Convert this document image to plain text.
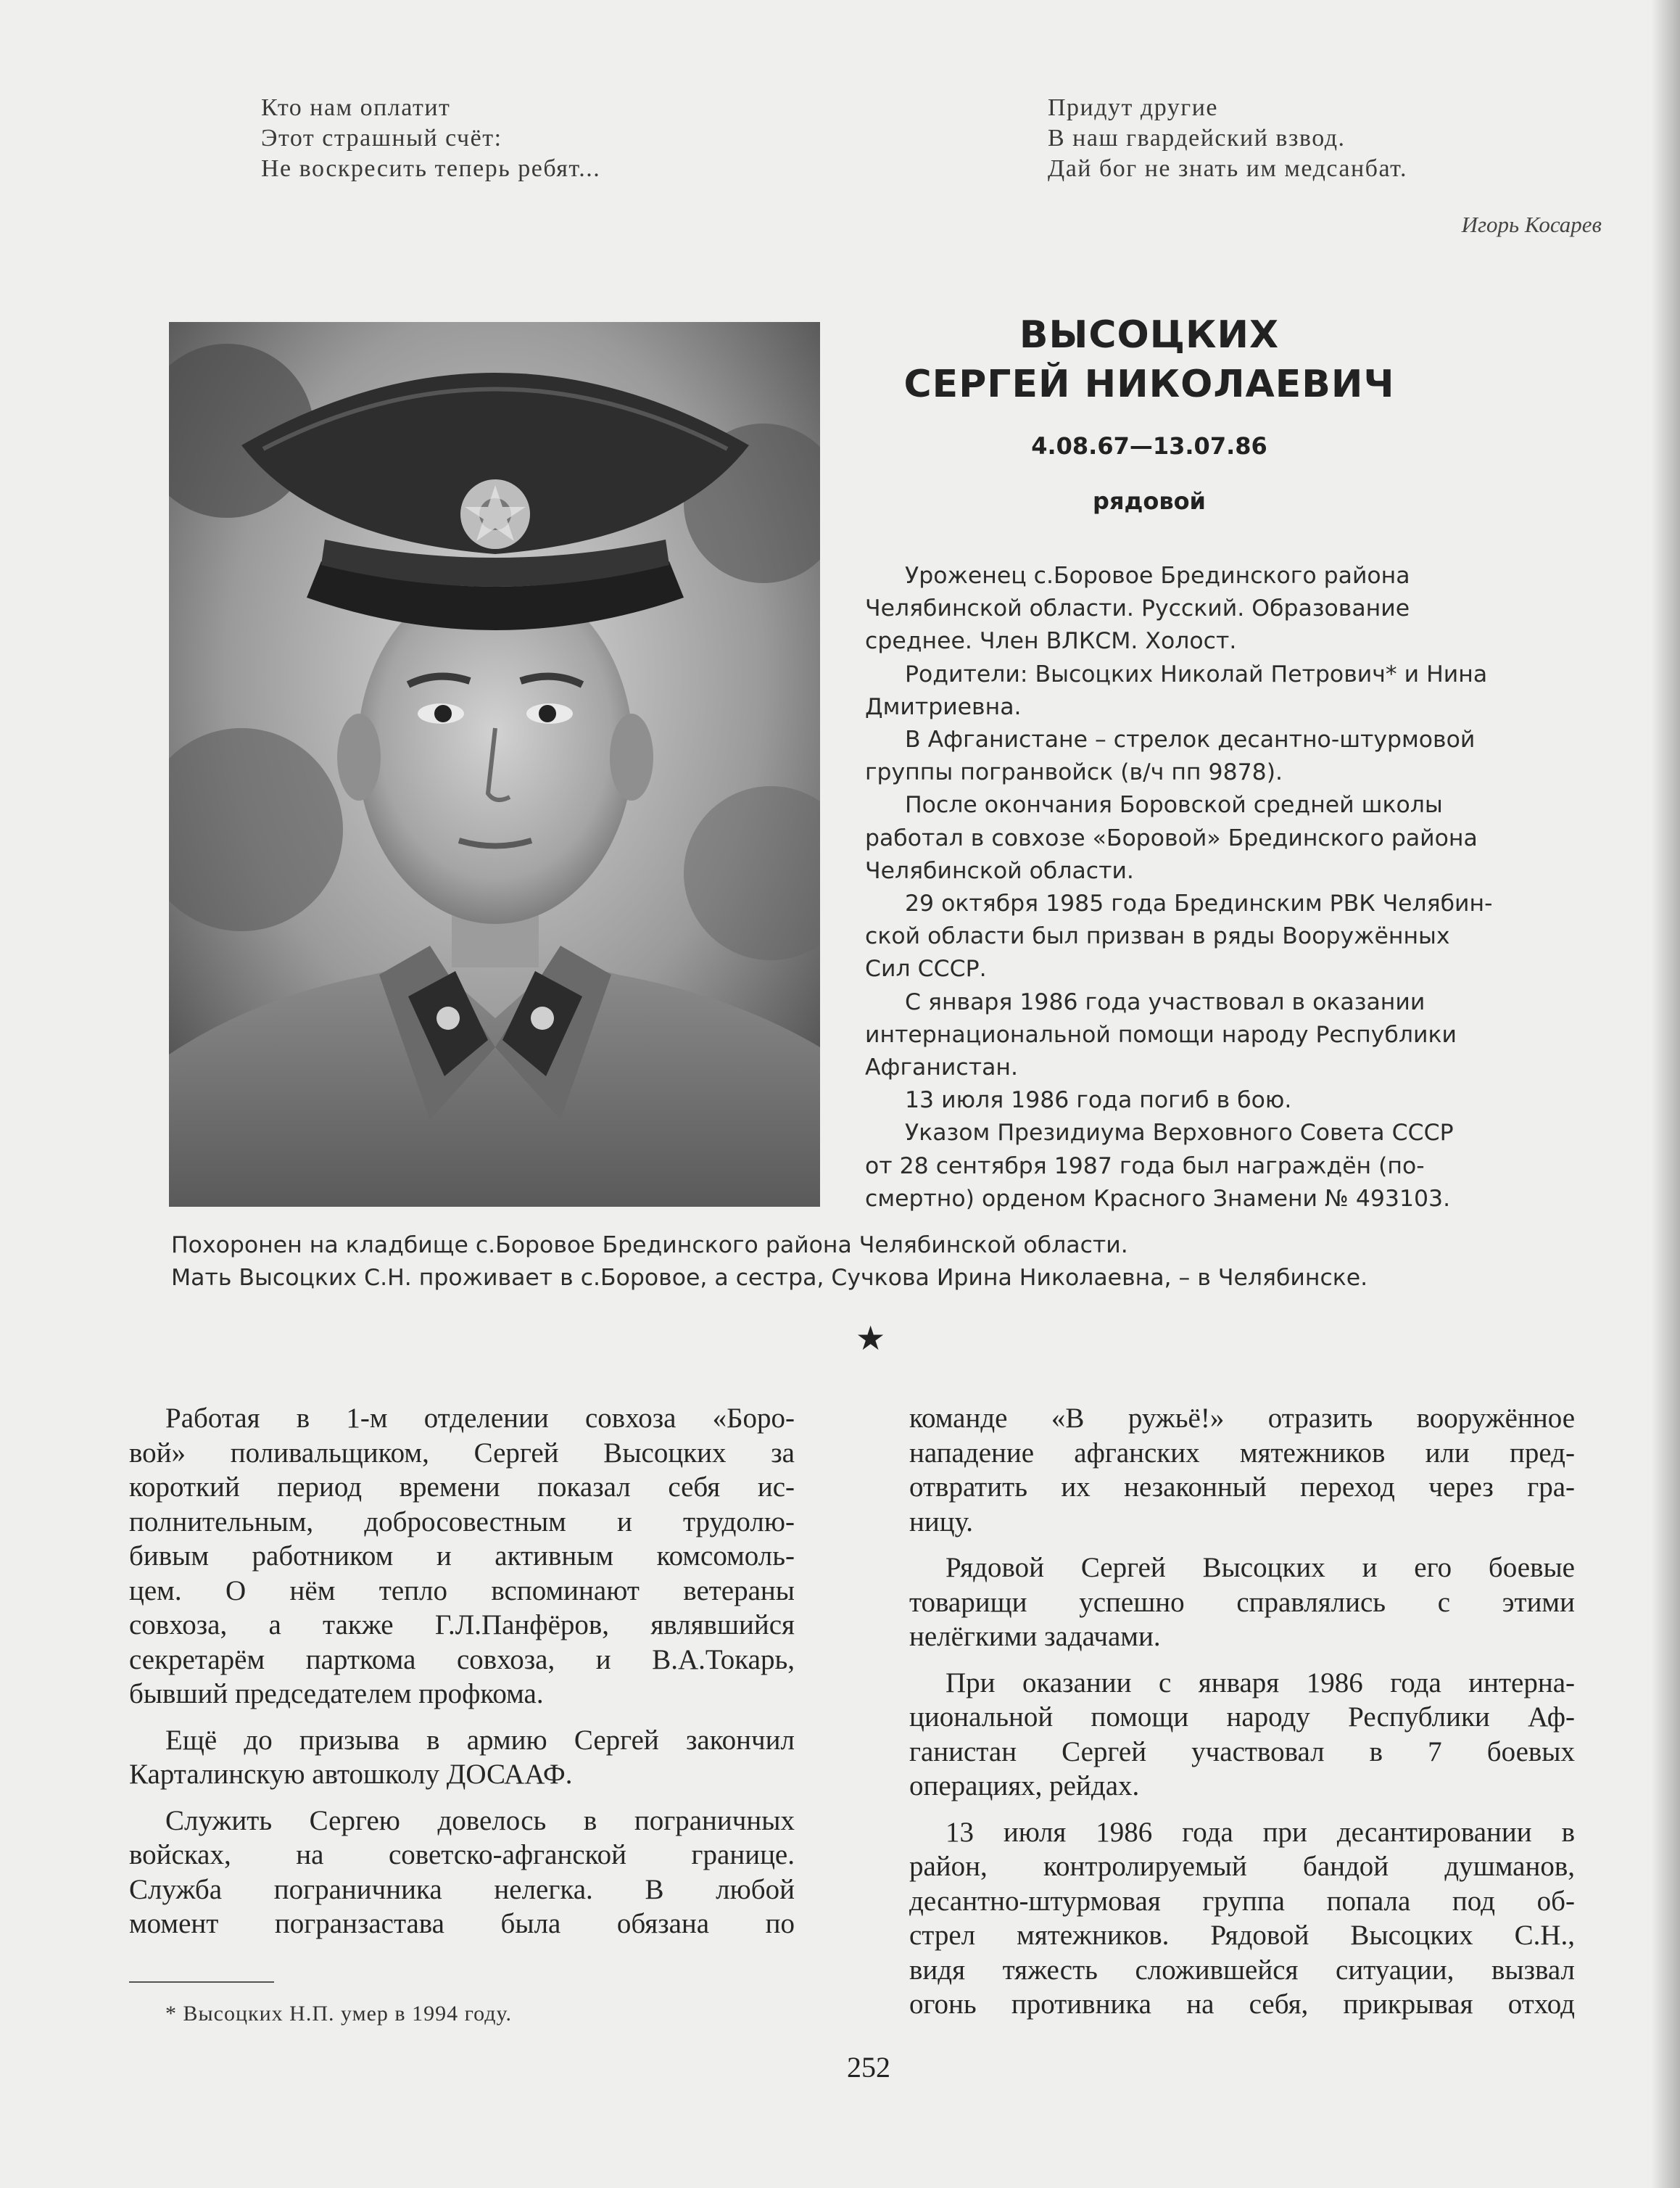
Кто нам оплатит
Этот страшный счёт:
Не воскресить теперь ребят...
Придут другие
В наш гвардейский взвод.
Дай бог не знать им медсанбат.
Игорь Косарев
ВЫСОЦКИХ
СЕРГЕЙ НИКОЛАЕВИЧ
4.08.67—13.07.86
рядовой

Уроженец с.Боровое Брединского района
Челябинской области. Русский. Образование
среднее. Член ВЛКСМ. Холост.

Родители: Высоцких Николай Петрович* и Нина
Дмитриевна.

В Афганистане – стрелок десантно-штурмовой
группы погранвойск (в/ч пп 9878).

После окончания Боровской средней школы
работал в совхозе «Боровой» Брединского района
Челябинской области.

29 октября 1985 года Брединским РВК Челябин-
ской области был призван в ряды Вооружённых
Сил СССР.

С января 1986 года участвовал в оказании
интернациональной помощи народу Республики
Афганистан.

13 июля 1986 года погиб в бою.

Указом Президиума Верховного Совета СССР
от 28 сентября 1987 года был награждён (по-
смертно) орденом Красного Знамени № 493103.

Похоронен на кладбище с.Боровое Брединского района Челябинской области.
Мать Высоцких С.Н. проживает в с.Боровое, а сестра, Сучкова Ирина Николаевна, – в Челябинске.
★

Работая в 1-м отделении совхоза «Боро-
вой» поливальщиком, Сергей Высоцких за
короткий период времени показал себя ис-
полнительным, добросовестным и трудолю-
бивым работником и активным комсомоль-
цем. О нём тепло вспоминают ветераны
совхоза, а также Г.Л.Панфёров, являвшийся
секретарём парткома совхоза, и В.А.Токарь,
бывший председателем профкома.

Ещё до призыва в армию Сергей закончил
Карталинскую автошколу ДОСААФ.

Служить Сергею довелось в пограничных
войсках, на советско-афганской границе.
Служба пограничника нелегка. В любой
момент погранзастава была обязана по

команде «В ружьё!» отразить вооружённое
нападение афганских мятежников или пред-
отвратить их незаконный переход через гра-
ницу.

Рядовой Сергей Высоцких и его боевые
товарищи успешно справлялись с этими
нелёгкими задачами.

При оказании с января 1986 года интерна-
циональной помощи народу Республики Аф-
ганистан Сергей участвовал в 7 боевых
операциях, рейдах.

13 июля 1986 года при десантировании в
район, контролируемый бандой душманов,
десантно-штурмовая группа попала под об-
стрел мятежников. Рядовой Высоцких С.Н.,
видя тяжесть сложившейся ситуации, вызвал
огонь противника на себя, прикрывая отход

* Высоцких Н.П. умер в 1994 году.
252
